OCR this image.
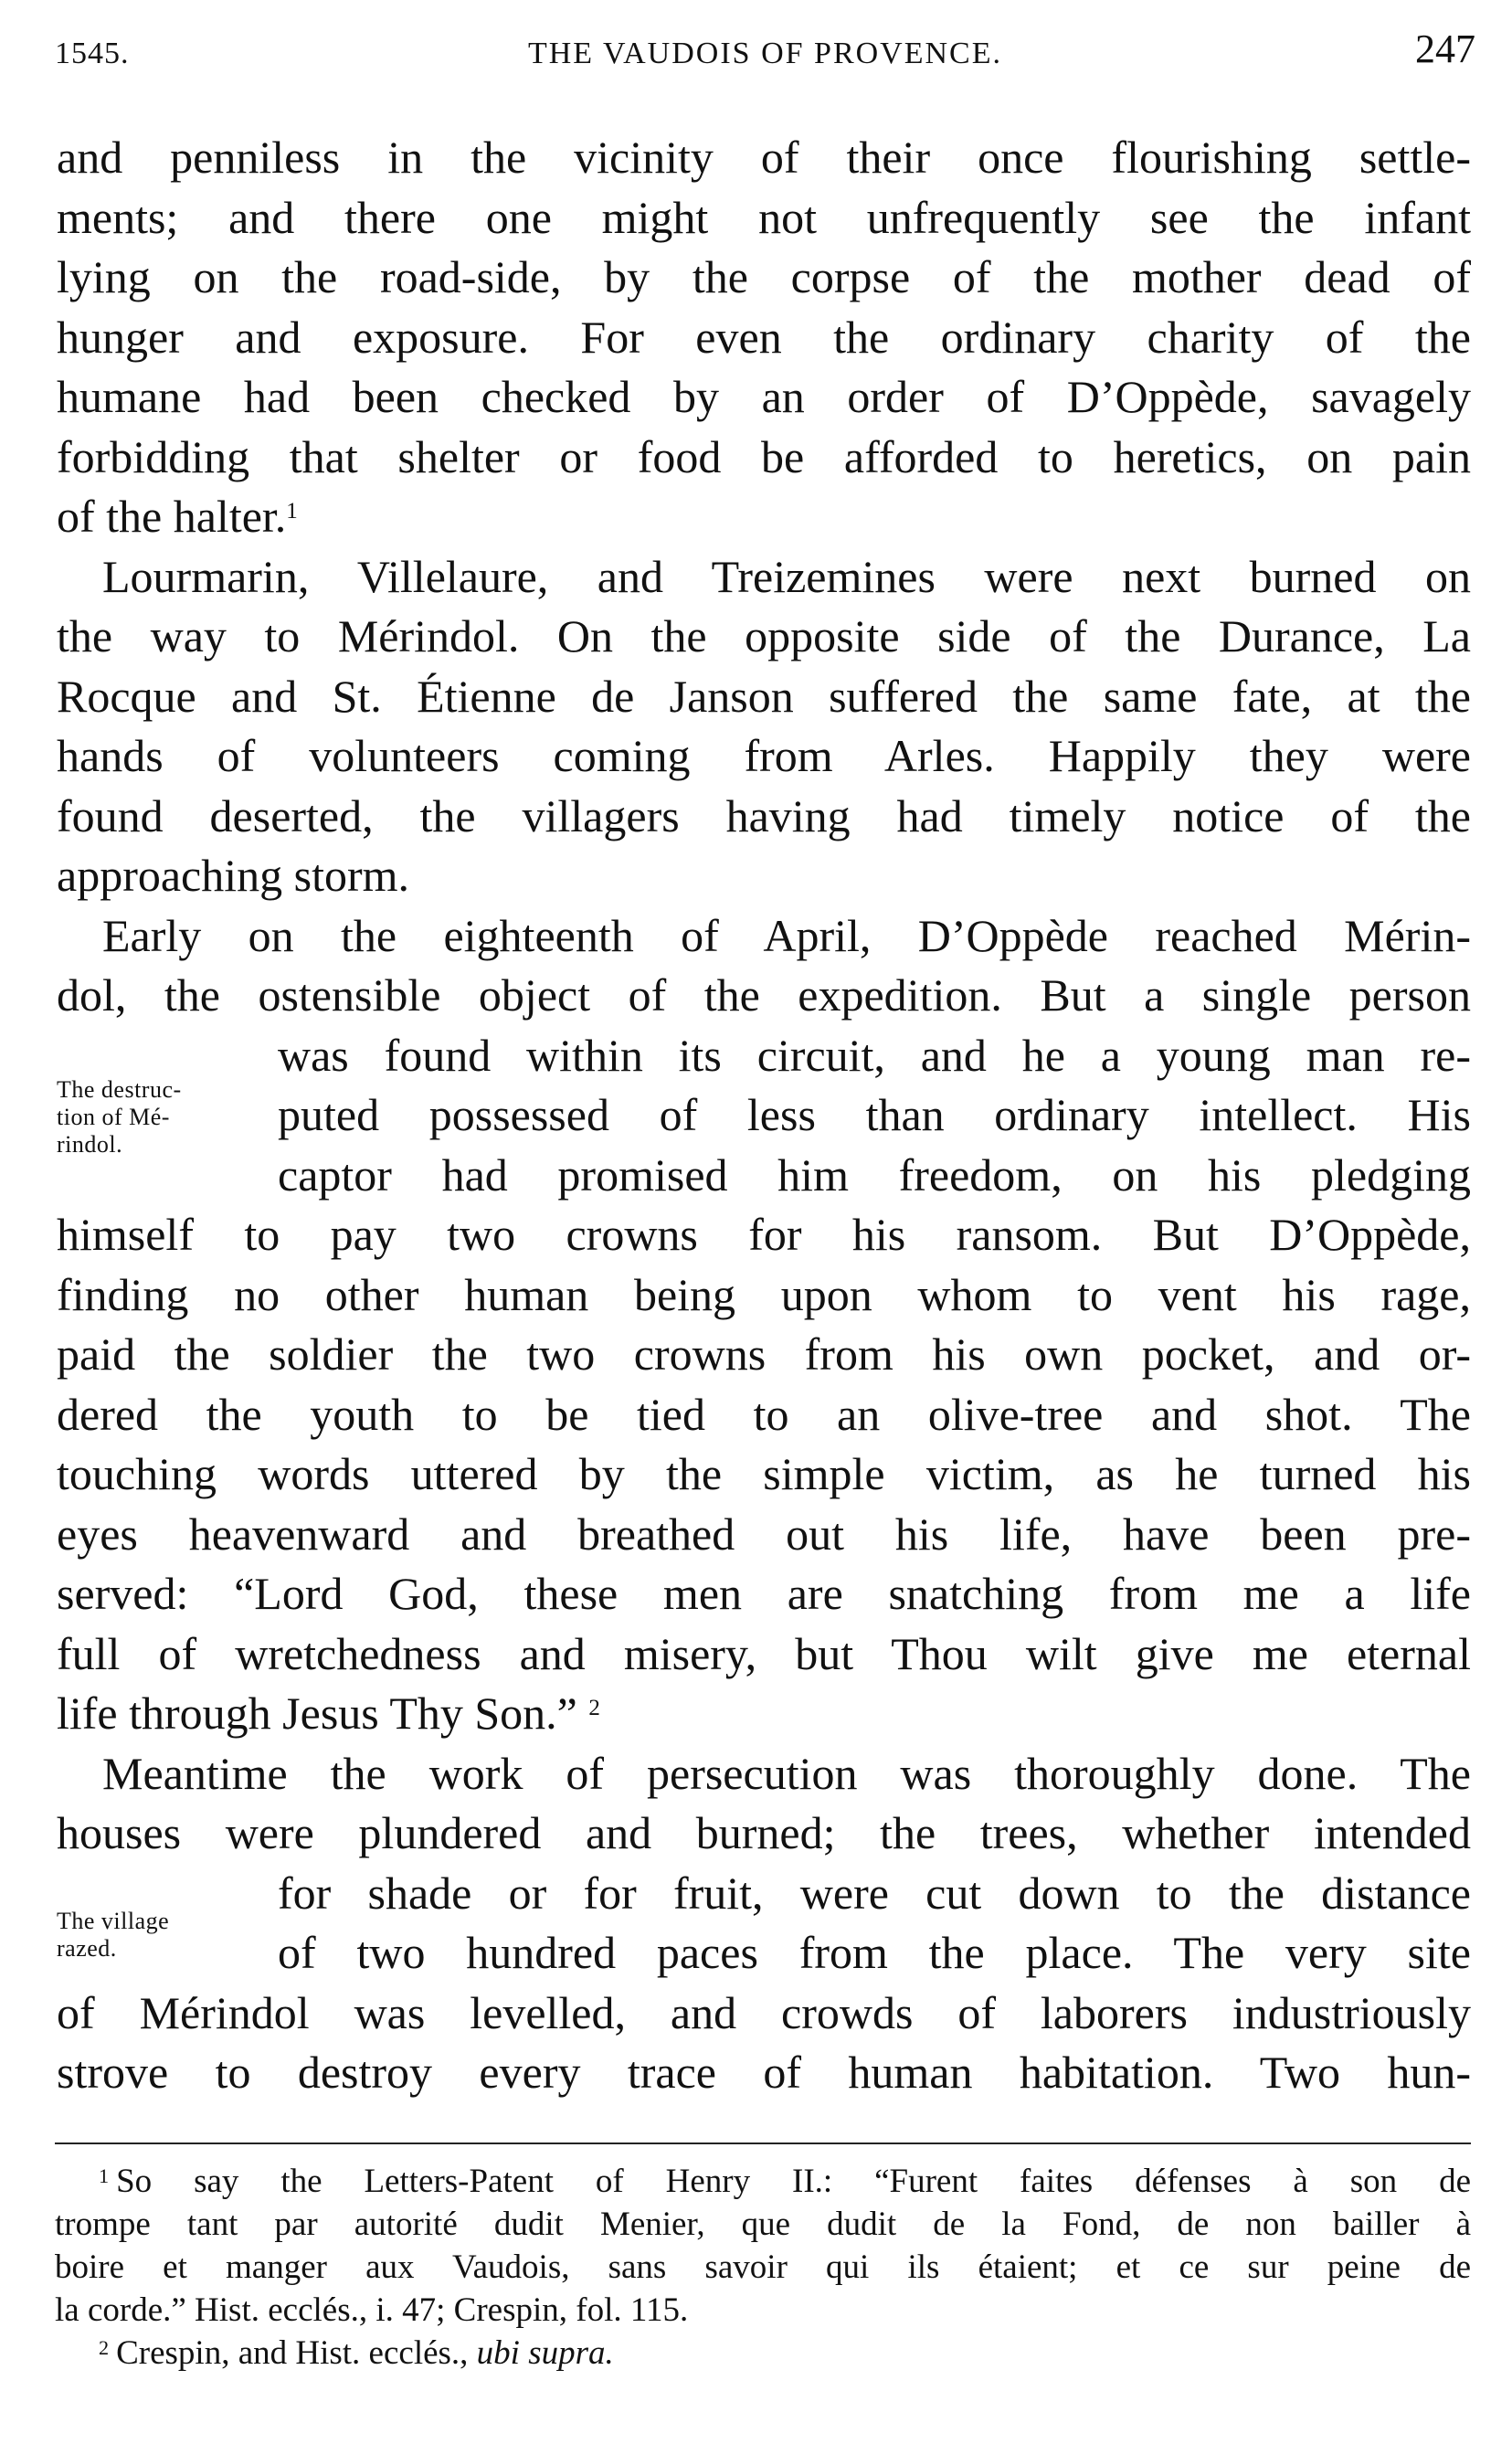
1545.	THE VAUDOIS OF PROVENCE.	247
and penniless in the vicinity of their once flourishing settle-
ments; and there one might not unfrequently see the infant
lying on the road-side, by the corpse of the mother dead of
hunger and exposure. For even the ordinary charity of the
humane had been checked by an order of D’Oppède, savagely
forbidding that shelter or food be afforded to heretics, on pain
of the halter.$^1$
Lourmarin, Villelaure, and Treizemines were next burned on
the way to Mérindol. On the opposite side of the Durance, La
Rocque and St. Étienne de Janson suffered the same fate, at the
hands of volunteers coming from Arles. Happily they were
found deserted, the villagers having had timely notice of the
approaching storm.
Early on the eighteenth of April, D’Oppède reached Mérin-
dol, the ostensible object of the expedition. But a single person
was found within its circuit, and he a young man re-
puted possessed of less than ordinary intellect. His
captor had promised him freedom, on his pledging
himself to pay two crowns for his ransom. But D’Oppède,
finding no other human being upon whom to vent his rage,
paid the soldier the two crowns from his own pocket, and or-
dered the youth to be tied to an olive-tree and shot. The
touching words uttered by the simple victim, as he turned his
eyes heavenward and breathed out his life, have been pre-
served: “Lord God, these men are snatching from me a life
full of wretchedness and misery, but Thou wilt give me eternal
life through Jesus Thy Son.” $^2$
Meantime the work of persecution was thoroughly done. The
houses were plundered and burned; the trees, whether intended
for shade or for fruit, were cut down to the distance
of two hundred paces from the place. The very site
of Mérindol was levelled, and crowds of laborers industriously
strove to destroy every trace of human habitation. Two hun-
The destruc-
tion of Mé-
rindol.
The village
razed.
$^1$ So say the Letters-Patent of Henry II.: “Furent faites défenses à son de
trompe tant par autorité dudit Menier, que dudit de la Fond, de non bailler à
boire et manger aux Vaudois, sans savoir qui ils étaient; et ce sur peine de
la corde.” Hist. ecclés., i. 47; Crespin, fol. 115.
$^2$ Crespin, and Hist. ecclés., ubi supra.
